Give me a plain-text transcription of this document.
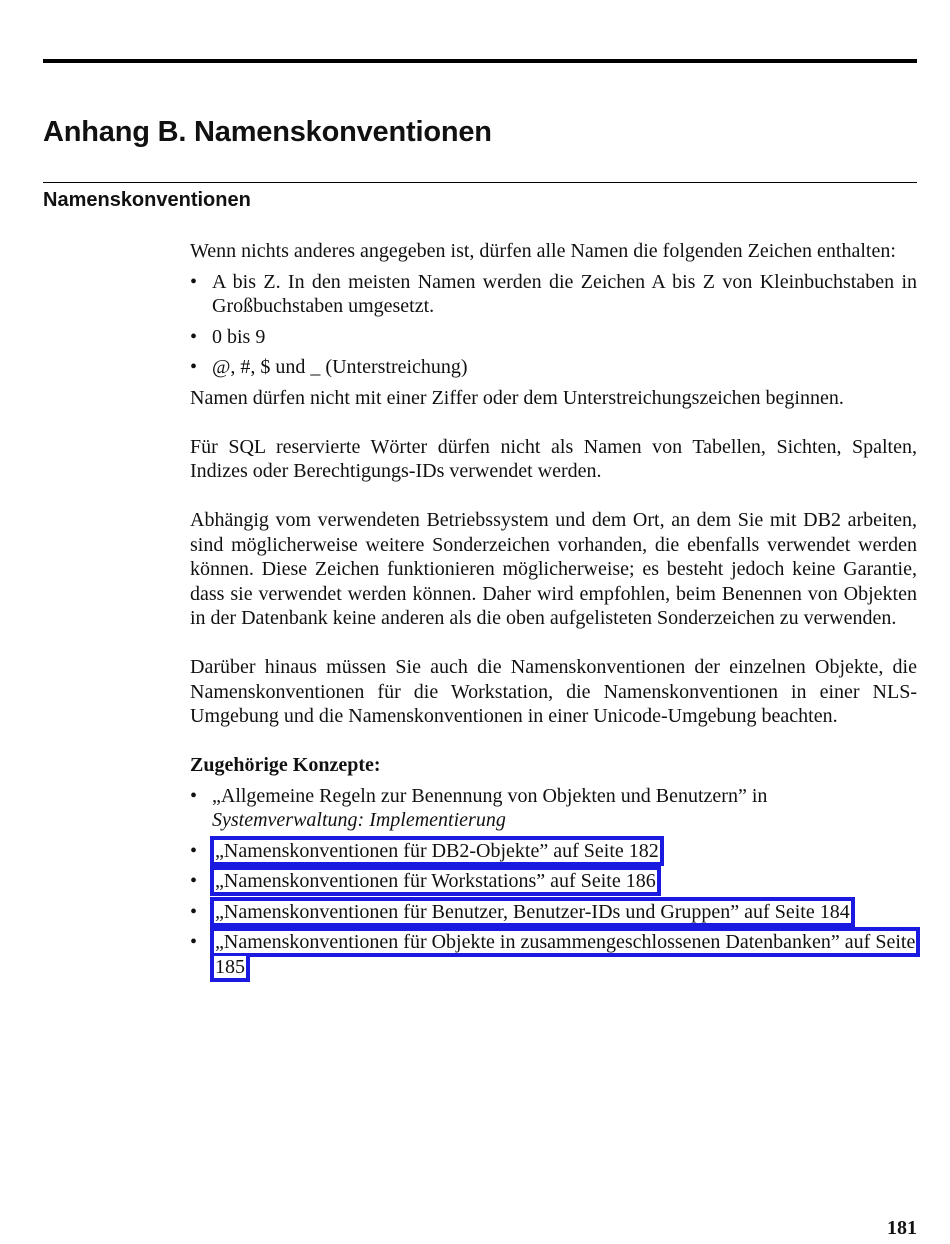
Anhang B. Namenskonventionen
Namenskonventionen

Wenn nichts anderes angegeben ist, dürfen alle Namen die folgenden Zeichen enthalten:

• A bis Z. In den meisten Namen werden die Zeichen A bis Z von Kleinbuchstaben in Großbuchstaben umgesetzt.
• 0 bis 9
• @, #, $ und _ (Unterstreichung)

Namen dürfen nicht mit einer Ziffer oder dem Unterstreichungszeichen beginnen.

Für SQL reservierte Wörter dürfen nicht als Namen von Tabellen, Sichten, Spalten, Indizes oder Berechtigungs-IDs verwendet werden.

Abhängig vom verwendeten Betriebssystem und dem Ort, an dem Sie mit DB2 arbeiten, sind möglicherweise weitere Sonderzeichen vorhanden, die ebenfalls verwendet werden können. Diese Zeichen funktionieren möglicherweise; es besteht jedoch keine Garantie, dass sie verwendet werden können. Daher wird empfohlen, beim Benennen von Objekten in der Datenbank keine anderen als die oben aufgelisteten Sonderzeichen zu verwenden.

Darüber hinaus müssen Sie auch die Namenskonventionen der einzelnen Objekte, die Namenskonventionen für die Workstation, die Namenskonventionen in einer NLS-Umgebung und die Namenskonventionen in einer Unicode-Umgebung beachten.

Zugehörige Konzepte:
• „Allgemeine Regeln zur Benennung von Objekten und Benutzern” in
Systemverwaltung: Implementierung
• „Namenskonventionen für DB2-Objekte” auf Seite 182
• „Namenskonventionen für Workstations” auf Seite 186
• „Namenskonventionen für Benutzer, Benutzer-IDs und Gruppen” auf Seite 184
• „Namenskonventionen für Objekte in zusammengeschlossenen Datenbanken” auf Seite 185
181
